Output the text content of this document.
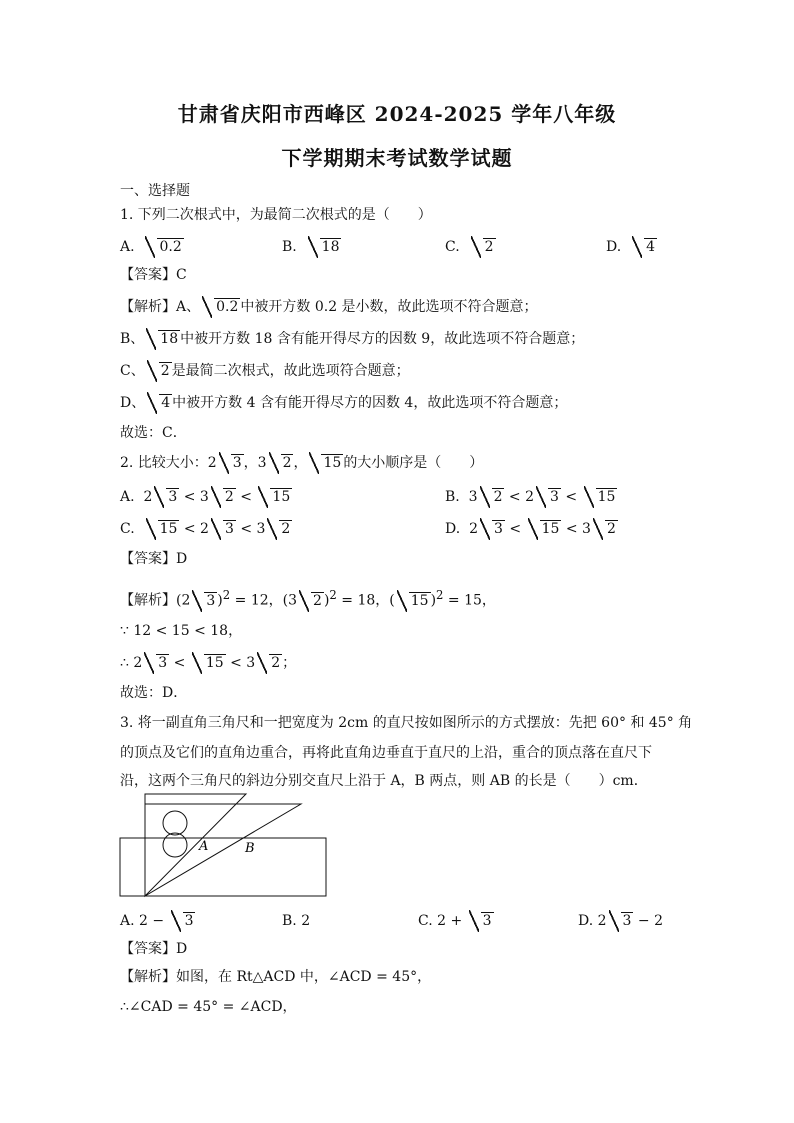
甘肃省庆阳市西峰区 2024-2025 学年八年级
下学期期末考试数学试题
一、选择题
1. 下列二次根式中，为最简二次根式的是（　　）
A. 0.2	B. 18	C. 2	D. 4
【答案】C
【解析】A、 0.2 中被开方数 0.2 是小数，故此选项不符合题意；
B、 18 中被开方数 18 含有能开得尽方的因数 9，故此选项不符合题意；
C、 2 是最简二次根式，故此选项符合题意；
D、 4 中被开方数 4 含有能开得尽方的因数 4，故此选项不符合题意；
故选：C．
2. 比较大小：2 3 ，3 2 ， 15 的大小顺序是（　　）
A.  2 3 < 3 2 < 15	B.  3 2 < 2 3 < 15
C. 15 < 2 3 < 3 2	D.  2 3 < 15 < 3 2
【答案】D
【解析】(2 3 )$^2$ = 12，(3 2 )$^2$ = 18，( 15 )$^2$ = 15，
∵ 12 < 15 < 18，
∴ 2 3 < 15 < 3 2 ；
故选：D．
3. 将一副直角三角尺和一把宽度为 2cm 的直尺按如图所示的方式摆放：先把 60° 和 45° 角
的顶点及它们的直角边重合，再将此直角边垂直于直尺的上沿，重合的顶点落在直尺下
沿，这两个三角尺的斜边分别交直尺上沿于 A，B 两点，则 AB 的长是（　　）cm．
A	B
A. 2 − 3	B. 2	C. 2 + 3	D. 2 3 − 2
【答案】D
【解析】如图，在 Rt△ACD 中，∠ACD = 45°，
∴∠CAD = 45° = ∠ACD，
